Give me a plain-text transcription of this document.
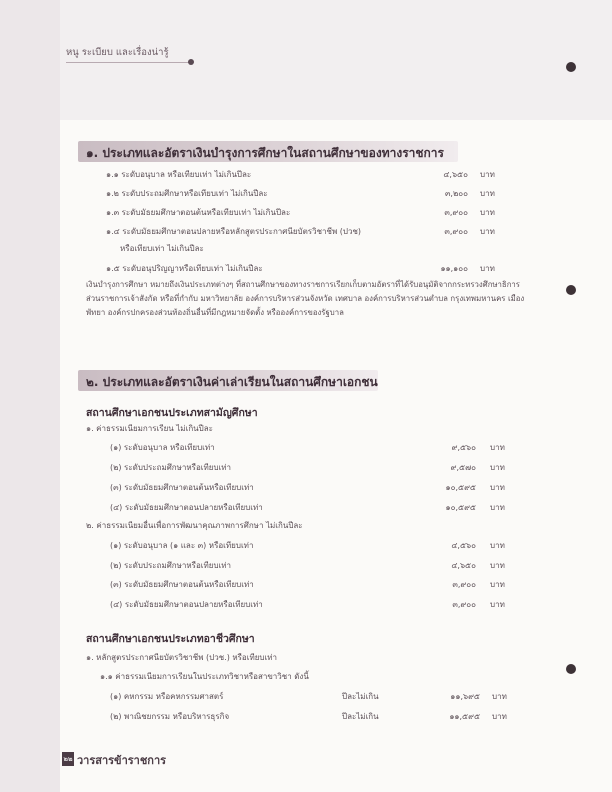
หนู ระเบียบ และเรื่องน่ารู้
๑. ประเภทและอัตราเงินบำรุงการศึกษาในสถานศึกษาของทางราชการ
๑.๑ ระดับอนุบาล หรือเทียบเท่า ไม่เกินปีละ	๔,๖๕๐ บาท
๑.๒ ระดับประถมศึกษาหรือเทียบเท่า ไม่เกินปีละ	๓,๒๐๐ บาท
๑.๓ ระดับมัธยมศึกษาตอนต้นหรือเทียบเท่า ไม่เกินปีละ	๓,๙๐๐ บาท
๑.๔ ระดับมัธยมศึกษาตอนปลายหรือหลักสูตรประกาศนียบัตรวิชาชีพ (ปวช)	๓,๙๐๐ บาท
หรือเทียบเท่า ไม่เกินปีละ
๑.๕ ระดับอนุปริญญาหรือเทียบเท่า ไม่เกินปีละ	๑๑,๑๐๐ บาท
เงินบำรุงการศึกษา หมายถึงเงินประเภทต่างๆ ที่สถานศึกษาของทางราชการเรียกเก็บตามอัตราที่ได้รับอนุมัติจากกระทรวงศึกษาธิการ ส่วนราชการเจ้าสังกัด หรือที่กำกับ มหาวิทยาลัย องค์การบริหารส่วนจังหวัด เทศบาล องค์การบริหารส่วนตำบล กรุงเทพมหานคร เมืองพัทยา องค์กรปกครองส่วนท้องถิ่นอื่นที่มีกฎหมายจัดตั้ง หรือองค์การของรัฐบาล
๒. ประเภทและอัตราเงินค่าเล่าเรียนในสถานศึกษาเอกชน
สถานศึกษาเอกชนประเภทสามัญศึกษา
๑. ค่าธรรมเนียมการเรียน ไม่เกินปีละ
(๑) ระดับอนุบาล หรือเทียบเท่า	๙,๕๖๐ บาท
(๒) ระดับประถมศึกษาหรือเทียบเท่า	๙,๕๗๐ บาท
(๓) ระดับมัธยมศึกษาตอนต้นหรือเทียบเท่า	๑๐,๕๙๕ บาท
(๔) ระดับมัธยมศึกษาตอนปลายหรือเทียบเท่า	๑๐,๕๙๕ บาท
๒. ค่าธรรมเนียมอื่นเพื่อการพัฒนาคุณภาพการศึกษา ไม่เกินปีละ
(๑) ระดับอนุบาล (๑ และ ๓) หรือเทียบเท่า	๔,๕๖๐ บาท
(๒) ระดับประถมศึกษาหรือเทียบเท่า	๔,๖๕๐ บาท
(๓) ระดับมัธยมศึกษาตอนต้นหรือเทียบเท่า	๓,๙๐๐ บาท
(๔) ระดับมัธยมศึกษาตอนปลายหรือเทียบเท่า	๓,๙๐๐ บาท
สถานศึกษาเอกชนประเภทอาชีวศึกษา
๑. หลักสูตรประกาศนียบัตรวิชาชีพ (ปวช.) หรือเทียบเท่า
๑.๑ ค่าธรรมเนียมการเรียนในประเภทวิชาหรือสาขาวิชา ดังนี้
(๑) คหกรรม หรือคหกรรมศาสตร์	ปีละไม่เกิน	๑๑,๖๙๕ บาท
(๒) พาณิชยกรรม หรือบริหารธุรกิจ	ปีละไม่เกิน	๑๑,๕๙๕ บาท
๒๒ วารสารข้าราชการ
